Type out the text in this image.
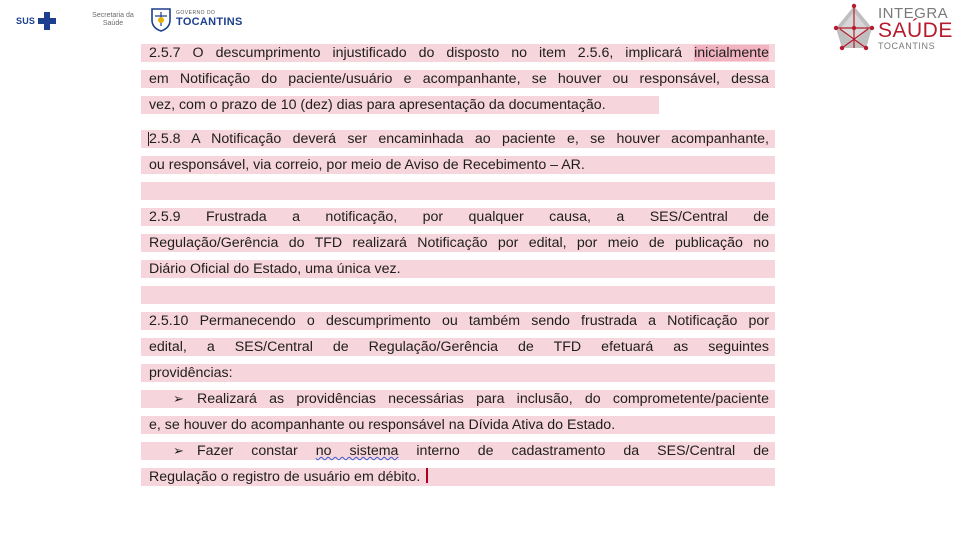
SUS
Secretaria da Saúde
GOVERNO DO
TOCANTINS
INTEGRA
SAÚDE
TOCANTINS
2.5.7 O descumprimento injustificado do disposto no item 2.5.6, implicará inicialmente
em Notificação do paciente/usuário e acompanhante, se houver ou responsável, dessa
vez, com o prazo de 10 (dez) dias para apresentação da documentação.
2.5.8 A Notificação deverá ser encaminhada ao paciente e, se houver acompanhante,
ou responsável, via correio, por meio de Aviso de Recebimento – AR.
2.5.9 Frustrada a notificação, por qualquer causa, a SES/Central de
Regulação/Gerência do TFD realizará Notificação por edital, por meio de publicação no
Diário Oficial do Estado, uma única vez.
2.5.10 Permanecendo o descumprimento ou também sendo frustrada a Notificação por
edital, a SES/Central de Regulação/Gerência de TFD efetuará as seguintes
providências:
➢ Realizará as providências necessárias para inclusão, do comprometente/paciente
e, se houver do acompanhante ou responsável na Dívida Ativa do Estado.
➢ Fazer constar no sistema interno de cadastramento da SES/Central de
Regulação o registro de usuário em débito.
